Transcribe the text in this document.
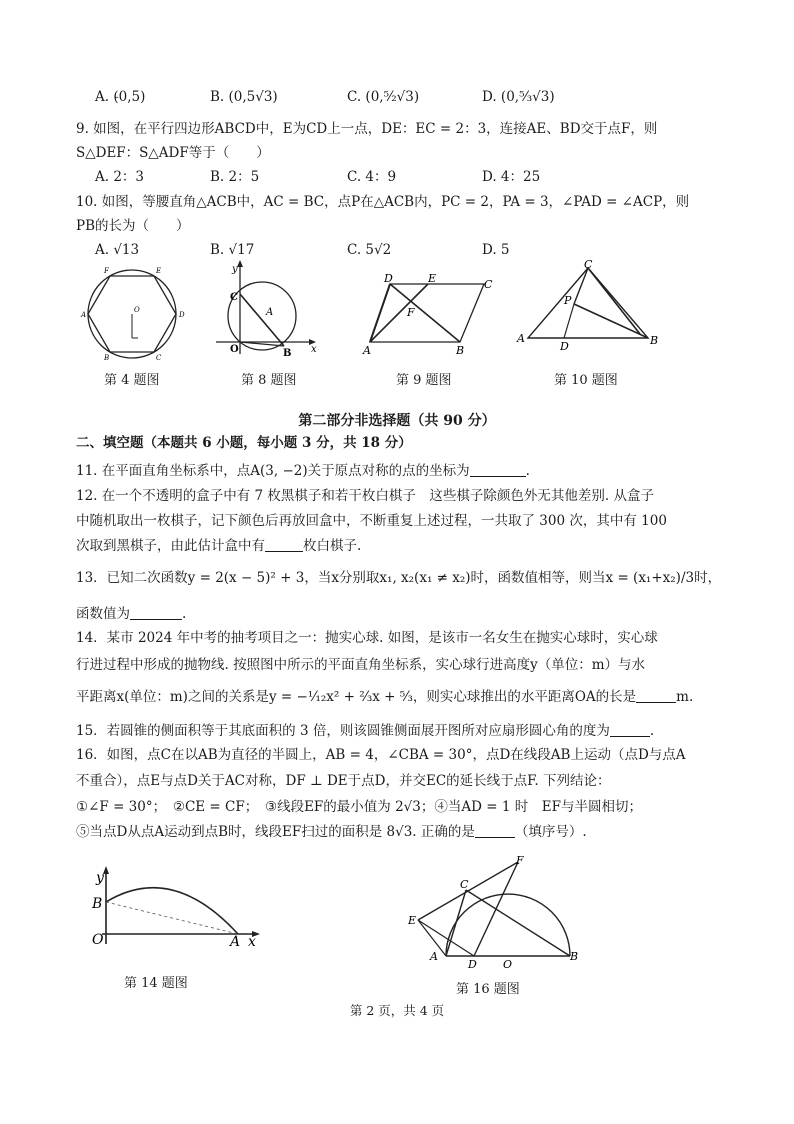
A. (̵0,5)	B. (0,5√3)	C. (0,⁵⁄₂√3)	D. (0,⁵⁄₃√3)
9. 如图，在平行四边形ABCD中，E为CD上一点，DE：EC = 2：3，连接AE、BD交于点F，则
S△DEF：S△ADF等于（　　）
A. 2：3	B. 2：5	C. 4：9	D. 4：25
10. 如图，等腰直角△ACB中，AC = BC，点P在△ACB内，PC = 2，PA = 3，∠PAD = ∠ACP，则
PB的长为（　　）
A. √13	B. √17	C. 5√2	D. 5
F	E
A	D
B	C
O
y
C
A
O	B x
D	E	C
F
A	B
C
P
A
D	B
第 4 题图	第 8 题图	第 9 题图	第 10 题图
第二部分非选择题（共 90 分）
二、填空题（本题共 6 小题，每小题 3 分，共 18 分）
11. 在平面直角坐标系中，点A(3, −2)关于原点对称的点的坐标为	.
12. 在一个不透明的盒子中有 7 枚黑棋子和若干枚白棋子　这些棋子除颜色外无其他差别. 从盒子
中随机取出一枚棋子，记下颜色后再放回盒中，不断重复上述过程，一共取了 300 次，其中有 100
次取到黑棋子，由此估计盒中有	枚白棋子.
13．已知二次函数y = 2(x − 5)² + 3，当x分别取x₁, x₂(x₁ ≠ x₂)时，函数值相等，则当x = (x₁+x₂)/3时，
函数值为	.
14．某市 2024 年中考的抽考项目之一：抛实心球. 如图，是该市一名女生在抛实心球时，实心球
行进过程中形成的抛物线. 按照图中所示的平面直角坐标系，实心球行进高度y（单位：m）与水
平距离x(单位：m)之间的关系是y = −¹⁄₁₂x² + ²⁄₃x + ⁵⁄₃，则实心球推出的水平距离OA的长是	m.
15．若圆锥的侧面积等于其底面积的 3 倍，则该圆锥侧面展开图所对应扇形圆心角的度为	.
16．如图，点C在以AB为直径的半圆上，AB = 4，∠CBA = 30°，点D在线段AB上运动（点D与点A
不重合），点E与点D关于AC对称，DF ⊥ DE于点D，并交EC的延长线于点F. 下列结论：
①∠F = 30°；　②CE = CF；　③线段EF的最小值为 2√3；④当AD = 1 时　EF与半圆相切；
⑤当点D从点A运动到点B时，线段EF扫过的面积是 8√3. 正确的是	（填序号）.
y
B
O	A x
F
C
E
A
D O
B
第 14 题图	第 16 题图
第 2 页，共 4 页
